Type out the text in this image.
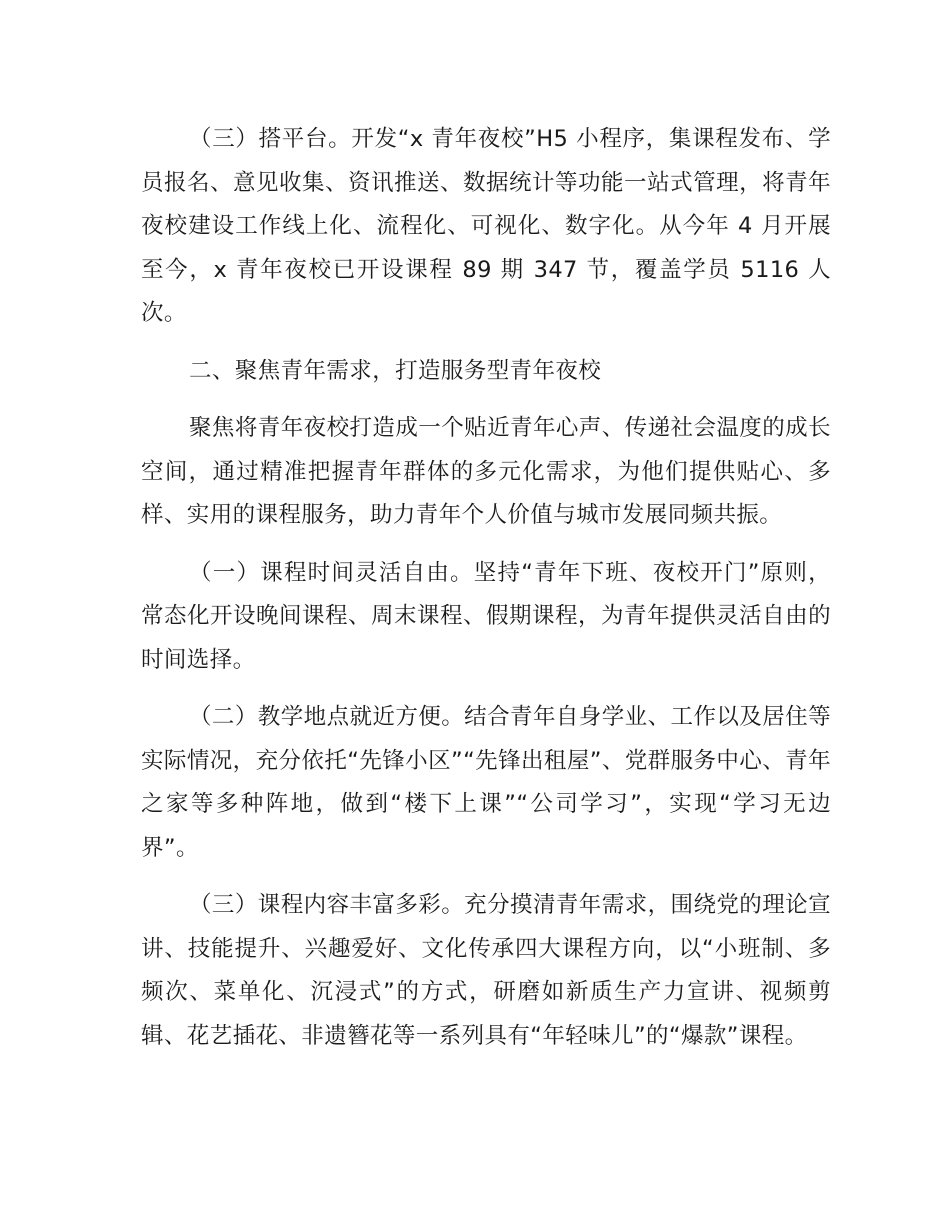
（三）搭平台。开发“x 青年夜校”H5 小程序，集课程发布、学员报名、意见收集、资讯推送、数据统计等功能一站式管理，将青年夜校建设工作线上化、流程化、可视化、数字化。从今年 4 月开展至今，x 青年夜校已开设课程 89 期 347 节，覆盖学员 5116 人次。

二、聚焦青年需求，打造服务型青年夜校

聚焦将青年夜校打造成一个贴近青年心声、传递社会温度的成长空间，通过精准把握青年群体的多元化需求，为他们提供贴心、多样、实用的课程服务，助力青年个人价值与城市发展同频共振。

（一）课程时间灵活自由。坚持“青年下班、夜校开门”原则，常态化开设晚间课程、周末课程、假期课程，为青年提供灵活自由的时间选择。

（二）教学地点就近方便。结合青年自身学业、工作以及居住等实际情况，充分依托“先锋小区”“先锋出租屋”、党群服务中心、青年之家等多种阵地，做到“楼下上课”“公司学习”，实现“学习无边界”。

（三）课程内容丰富多彩。充分摸清青年需求，围绕党的理论宣讲、技能提升、兴趣爱好、文化传承四大课程方向，以“小班制、多频次、菜单化、沉浸式”的方式，研磨如新质生产力宣讲、视频剪辑、花艺插花、非遗簪花等一系列具有“年轻味儿”的“爆款”课程。
